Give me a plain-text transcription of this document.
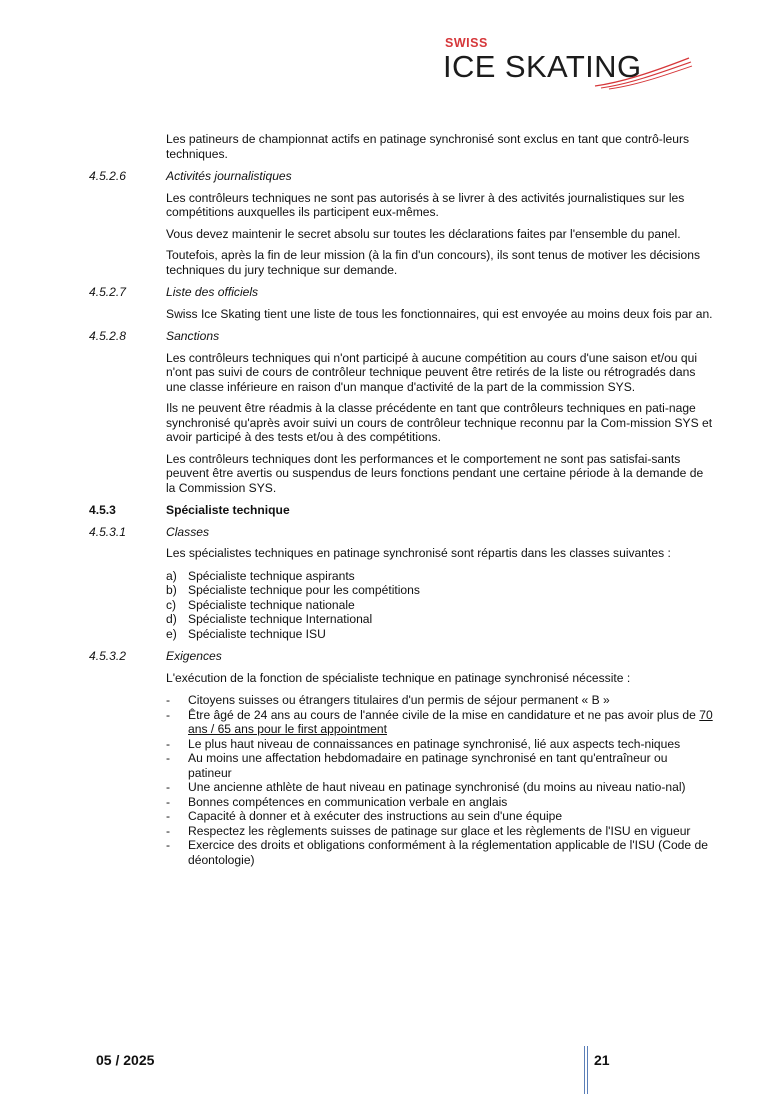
SWISS
ICE SKATING
Les patineurs de championnat actifs en patinage synchronisé sont exclus en tant que contrô-leurs techniques.
4.5.2.6	Activités journalistiques
Les contrôleurs techniques ne sont pas autorisés à se livrer à des activités journalistiques sur les compétitions auxquelles ils participent eux-mêmes.
Vous devez maintenir le secret absolu sur toutes les déclarations faites par l'ensemble du panel.
Toutefois, après la fin de leur mission (à la fin d'un concours), ils sont tenus de motiver les décisions techniques du jury technique sur demande.
4.5.2.7	Liste des officiels
Swiss Ice Skating tient une liste de tous les fonctionnaires, qui est envoyée au moins deux fois par an.
4.5.2.8	Sanctions
Les contrôleurs techniques qui n'ont participé à aucune compétition au cours d'une saison et/ou qui n'ont pas suivi de cours de contrôleur technique peuvent être retirés de la liste ou rétrogradés dans une classe inférieure en raison d'un manque d'activité de la part de la commission SYS.
Ils ne peuvent être réadmis à la classe précédente en tant que contrôleurs techniques en pati-nage synchronisé qu'après avoir suivi un cours de contrôleur technique reconnu par la Com-mission SYS et avoir participé à des tests et/ou à des compétitions.
Les contrôleurs techniques dont les performances et le comportement ne sont pas satisfai-sants peuvent être avertis ou suspendus de leurs fonctions pendant une certaine période à la demande de la Commission SYS.
4.5.3	Spécialiste technique
4.5.3.1	Classes
Les spécialistes techniques en patinage synchronisé sont répartis dans les classes suivantes :
a) Spécialiste technique aspirants
b) Spécialiste technique pour les compétitions
c) Spécialiste technique nationale
d) Spécialiste technique International
e) Spécialiste technique ISU
4.5.3.2	Exigences
L'exécution de la fonction de spécialiste technique en patinage synchronisé nécessite :
-	Citoyens suisses ou étrangers titulaires d'un permis de séjour permanent « B »
-	Être âgé de 24 ans au cours de l'année civile de la mise en candidature et ne pas avoir plus de 70 ans / 65 ans pour le first appointment
-	Le plus haut niveau de connaissances en patinage synchronisé, lié aux aspects tech-niques
-	Au moins une affectation hebdomadaire en patinage synchronisé en tant qu'entraîneur ou patineur
-	Une ancienne athlète de haut niveau en patinage synchronisé (du moins au niveau natio-nal)
-	Bonnes compétences en communication verbale en anglais
-	Capacité à donner et à exécuter des instructions au sein d'une équipe
-	Respectez les règlements suisses de patinage sur glace et les règlements de l'ISU en vigueur
-	Exercice des droits et obligations conformément à la réglementation applicable de l'ISU (Code de déontologie)
05 / 2025	21
